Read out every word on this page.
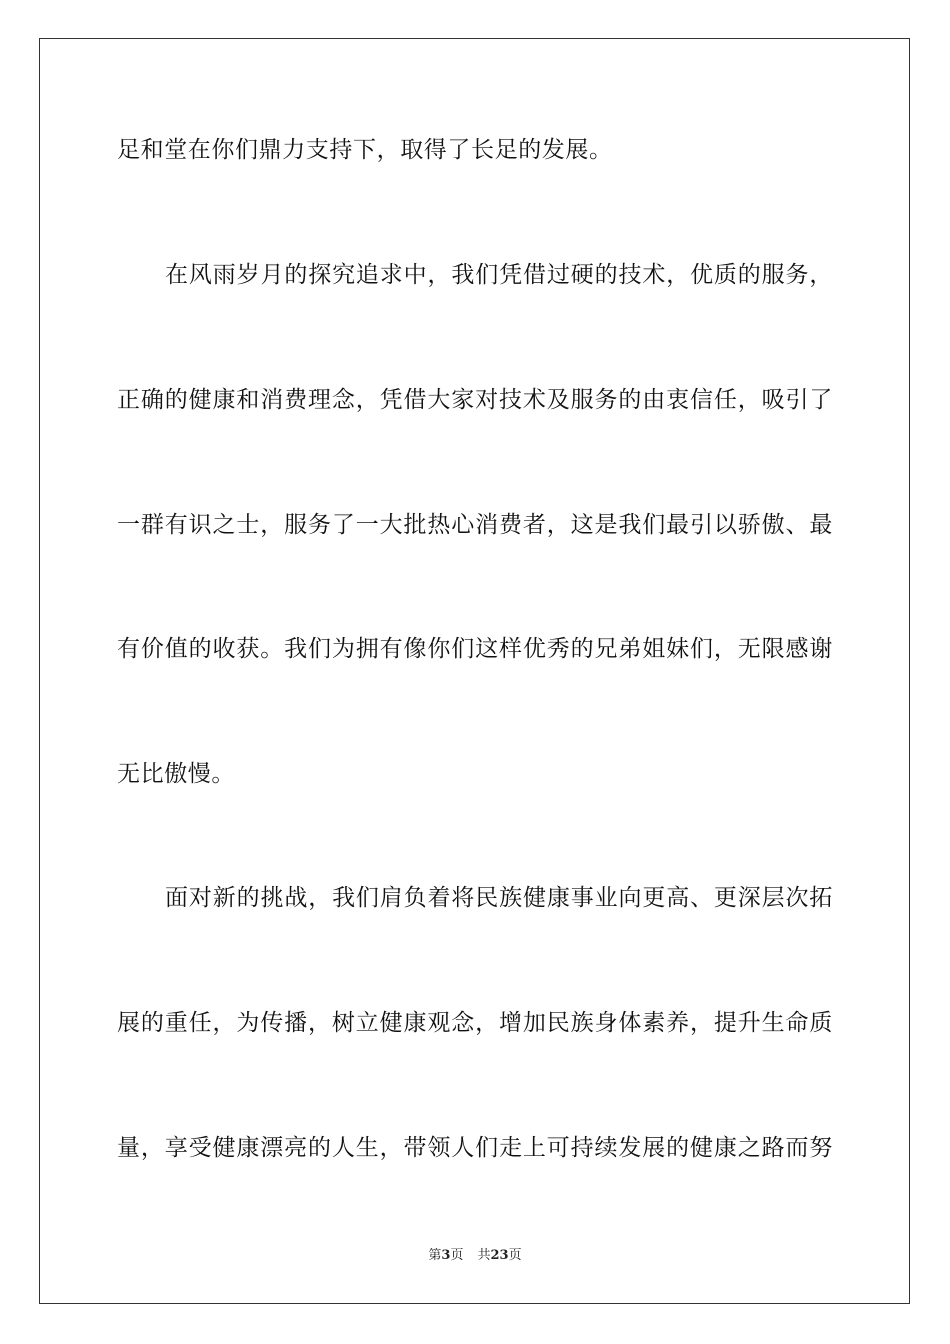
足和堂在你们鼎力支持下，取得了长足的发展。
在风雨岁月的探究追求中，我们凭借过硬的技术，优质的服务，
正确的健康和消费理念，凭借大家对技术及服务的由衷信任，吸引了
一群有识之士，服务了一大批热心消费者，这是我们最引以骄傲、最
有价值的收获。我们为拥有像你们这样优秀的兄弟姐妹们，无限感谢
无比傲慢。
面对新的挑战，我们肩负着将民族健康事业向更高、更深层次拓
展的重任，为传播，树立健康观念，增加民族身体素养，提升生命质
量，享受健康漂亮的人生，带领人们走上可持续发展的健康之路而努
第3页 共23页
